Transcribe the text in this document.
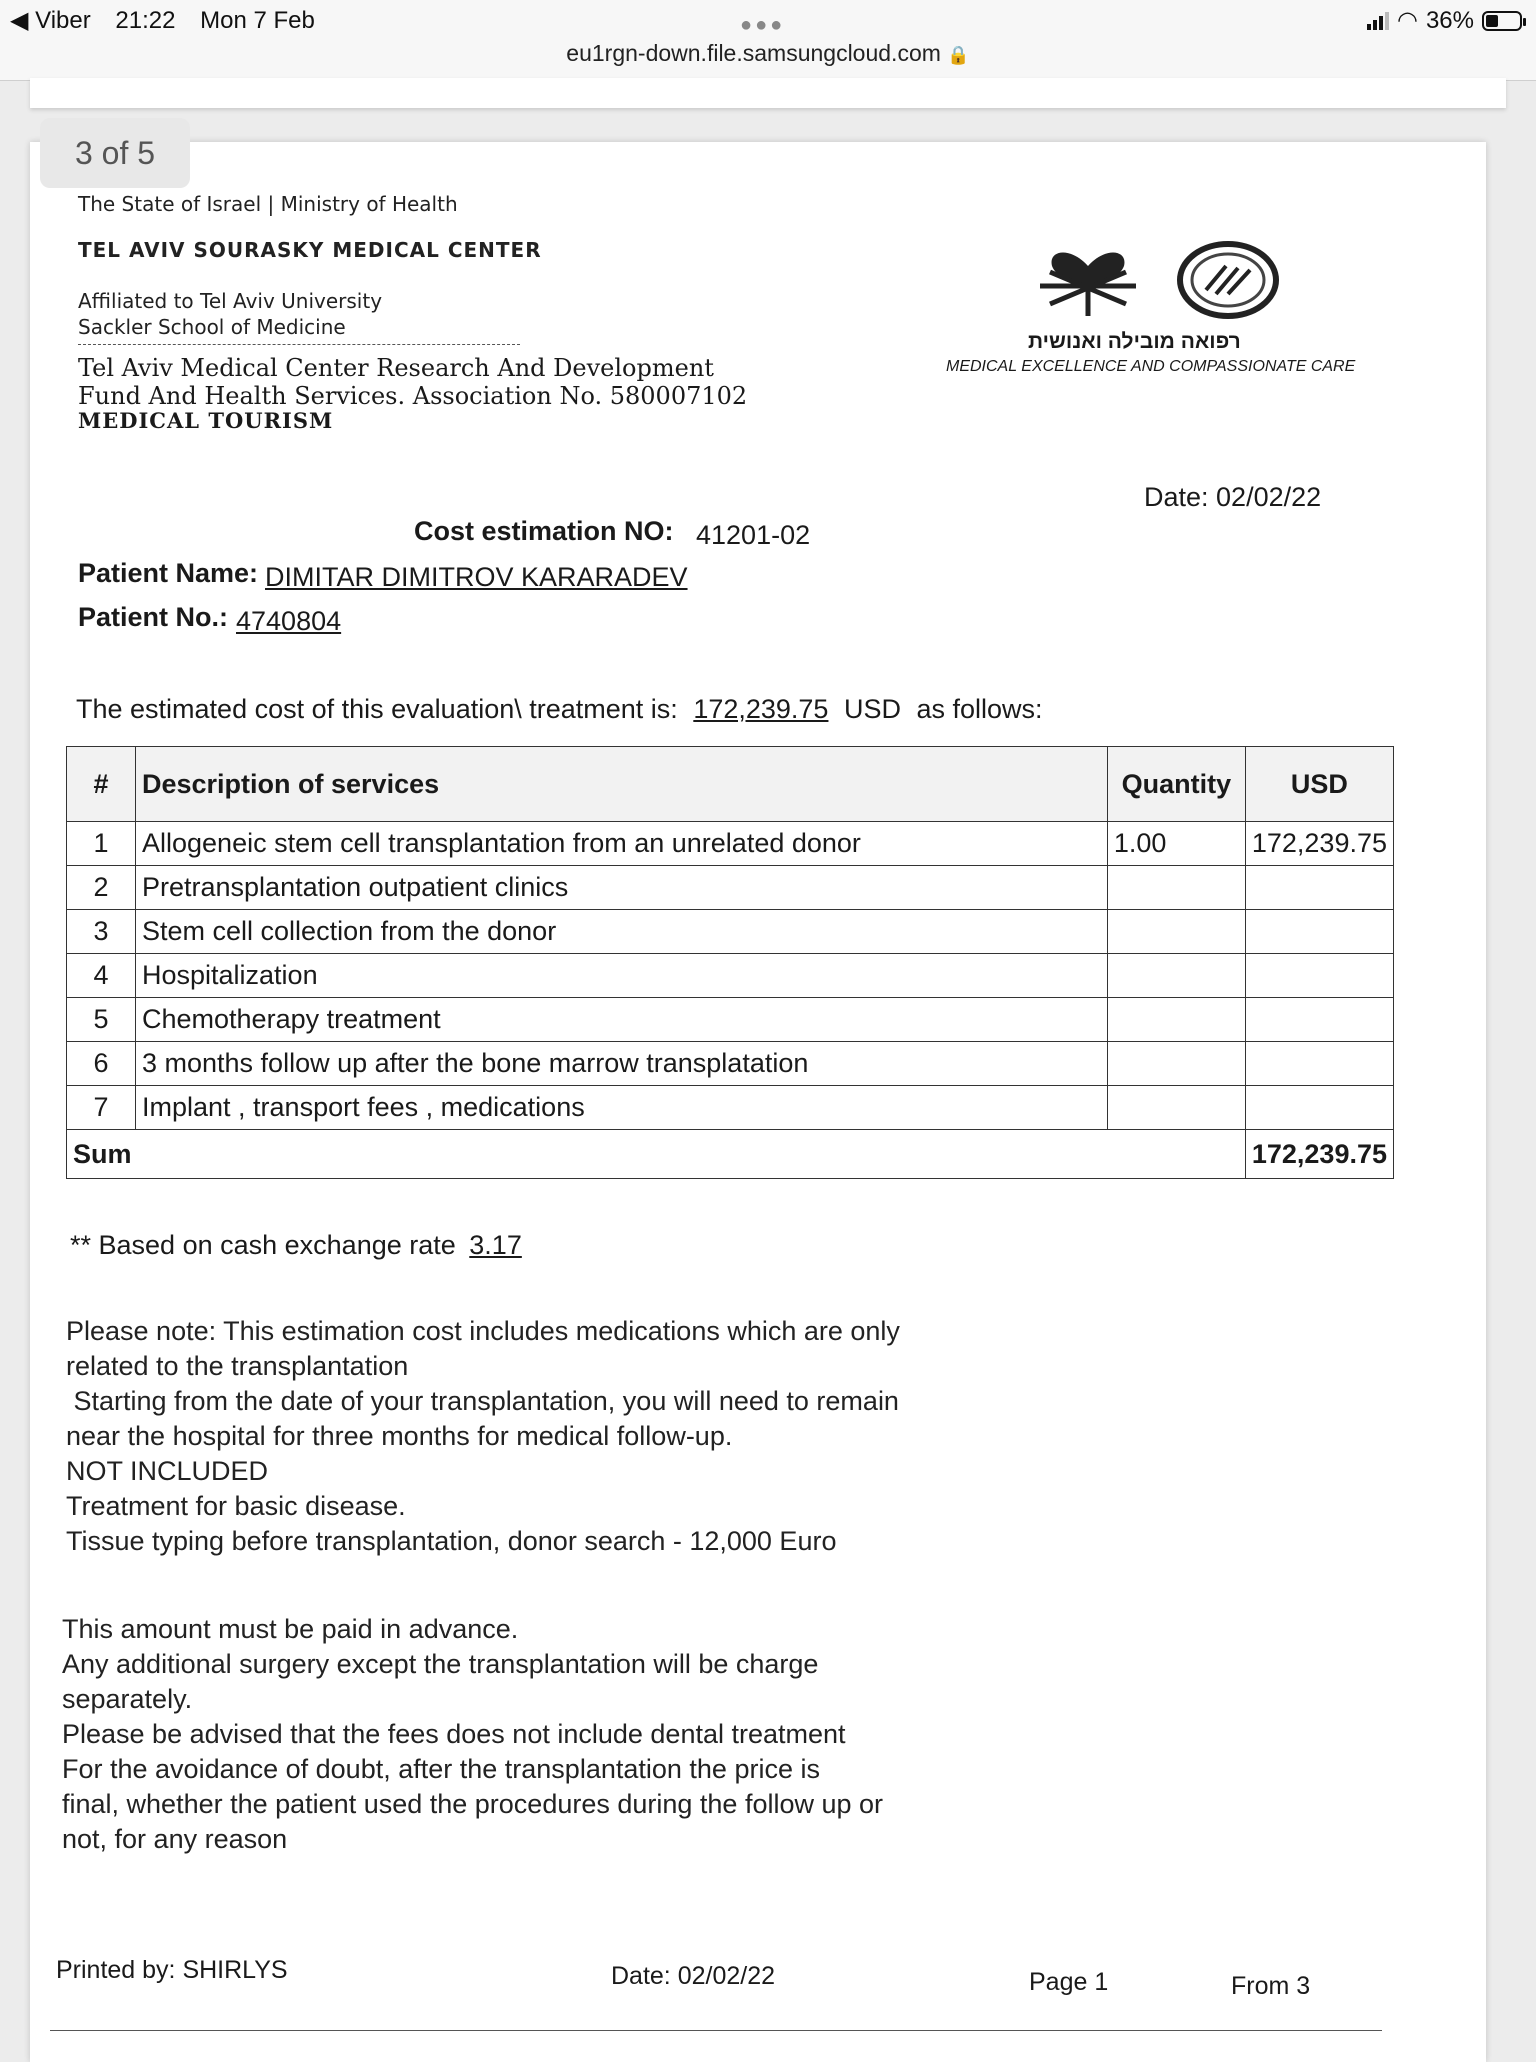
◀ Viber 21:22 Mon 7 Feb	●●●
eu1rgn-down.file.samsungcloud.com 🔒
◠ 36%
3 of 5
The State of Israel | Ministry of Health
TEL AVIV SOURASKY MEDICAL CENTER
Affiliated to Tel Aviv University
Sackler School of Medicine
Tel Aviv Medical Center Research And Development
Fund And Health Services. Association No. 580007102
MEDICAL TOURISM
רפואה מובילה ואנושית
MEDICAL EXCELLENCE AND COMPASSIONATE CARE
Date: 02/02/22
Cost estimation NO: 41201-02
Patient Name: DIMITAR DIMITROV KARARADEV
Patient No.: 4740804
The estimated cost of this evaluation\ treatment is: 172,239.75 USD as follows:
#	Description of services	Quantity	USD
1	Allogeneic stem cell transplantation from an unrelated donor	1.00	172,239.75
2	Pretransplantation outpatient clinics		
3	Stem cell collection from the donor		
4	Hospitalization		
5	Chemotherapy treatment		
6	3 months follow up after the bone marrow transplatation		
7	Implant , transport fees , medications		
Sum			172,239.75
** Based on cash exchange rate 3.17
Please note: This estimation cost includes medications which are only
related to the transplantation
Starting from the date of your transplantation, you will need to remain
near the hospital for three months for medical follow-up.
NOT INCLUDED
Treatment for basic disease.
Tissue typing before transplantation, donor search - 12,000 Euro
This amount must be paid in advance.
Any additional surgery except the transplantation will be charge
separately.
Please be advised that the fees does not include dental treatment
For the avoidance of doubt, after the transplantation the price is
final, whether the patient used the procedures during the follow up or
not, for any reason
Printed by: SHIRLYS	Date: 02/02/22	Page 1	From 3
